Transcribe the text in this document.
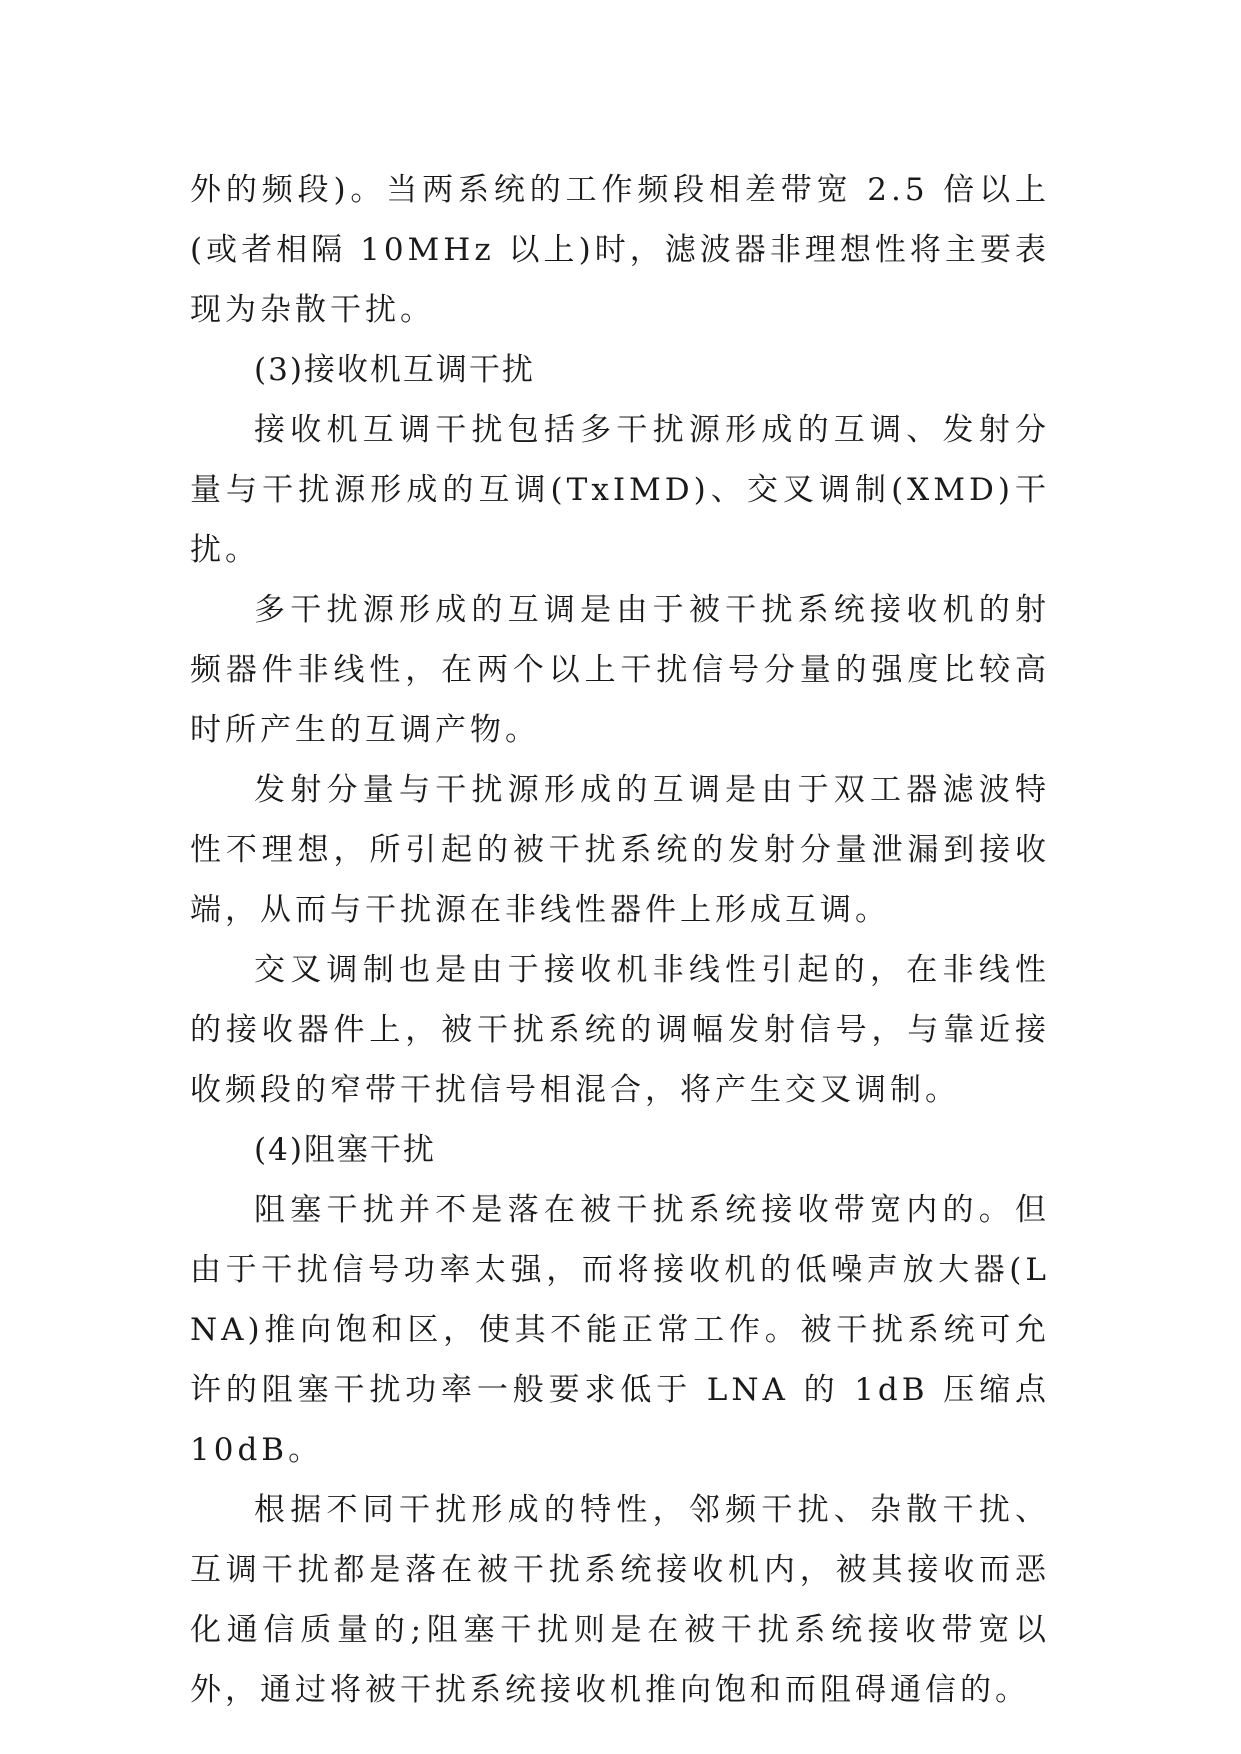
外的频段)。当两系统的工作频段相差带宽 2.5 倍以上(或者相隔 10MHz 以上)时，滤波器非理想性将主要表现为杂散干扰。

(3)接收机互调干扰

接收机互调干扰包括多干扰源形成的互调、发射分量与干扰源形成的互调(TxIMD)、交叉调制(XMD)干扰。

多干扰源形成的互调是由于被干扰系统接收机的射频器件非线性，在两个以上干扰信号分量的强度比较高时所产生的互调产物。

发射分量与干扰源形成的互调是由于双工器滤波特性不理想，所引起的被干扰系统的发射分量泄漏到接收端，从而与干扰源在非线性器件上形成互调。

交叉调制也是由于接收机非线性引起的，在非线性的接收器件上，被干扰系统的调幅发射信号，与靠近接收频段的窄带干扰信号相混合，将产生交叉调制。

(4)阻塞干扰

阻塞干扰并不是落在被干扰系统接收带宽内的。但由于干扰信号功率太强，而将接收机的低噪声放大器(LNA)推向饱和区，使其不能正常工作。被干扰系统可允许的阻塞干扰功率一般要求低于 LNA 的 1dB 压缩点 10dB。

根据不同干扰形成的特性，邻频干扰、杂散干扰、互调干扰都是落在被干扰系统接收机内，被其接收而恶化通信质量的;阻塞干扰则是在被干扰系统接收带宽以外，通过将被干扰系统接收机推向饱和而阻碍通信的。
